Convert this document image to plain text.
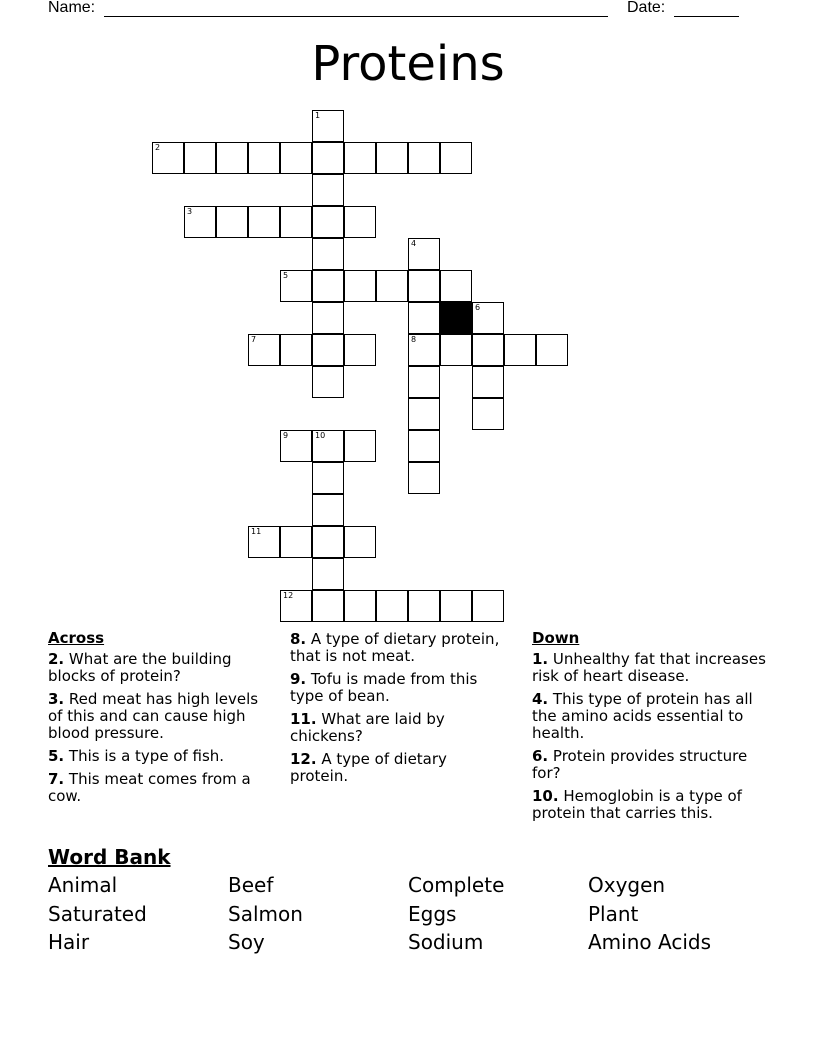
Name:	Date:
Proteins
1
2
3
4
5
6
7	8
9	10
11
12
Across
2. What are the building blocks of protein?
3. Red meat has high levels of this and can cause high blood pressure.
5. This is a type of fish.
7. This meat comes from a cow.
8. A type of dietary protein, that is not meat.
9. Tofu is made from this type of bean.
11. What are laid by chickens?
12. A type of dietary protein.
Down
1. Unhealthy fat that increases risk of heart disease.
4. This type of protein has all the amino acids essential to health.
6. Protein provides structure for?
10. Hemoglobin is a type of protein that carries this.
Word Bank
Animal	Beef	Complete	Oxygen
Saturated	Salmon	Eggs	Plant
Hair	Soy	Sodium	Amino Acids
